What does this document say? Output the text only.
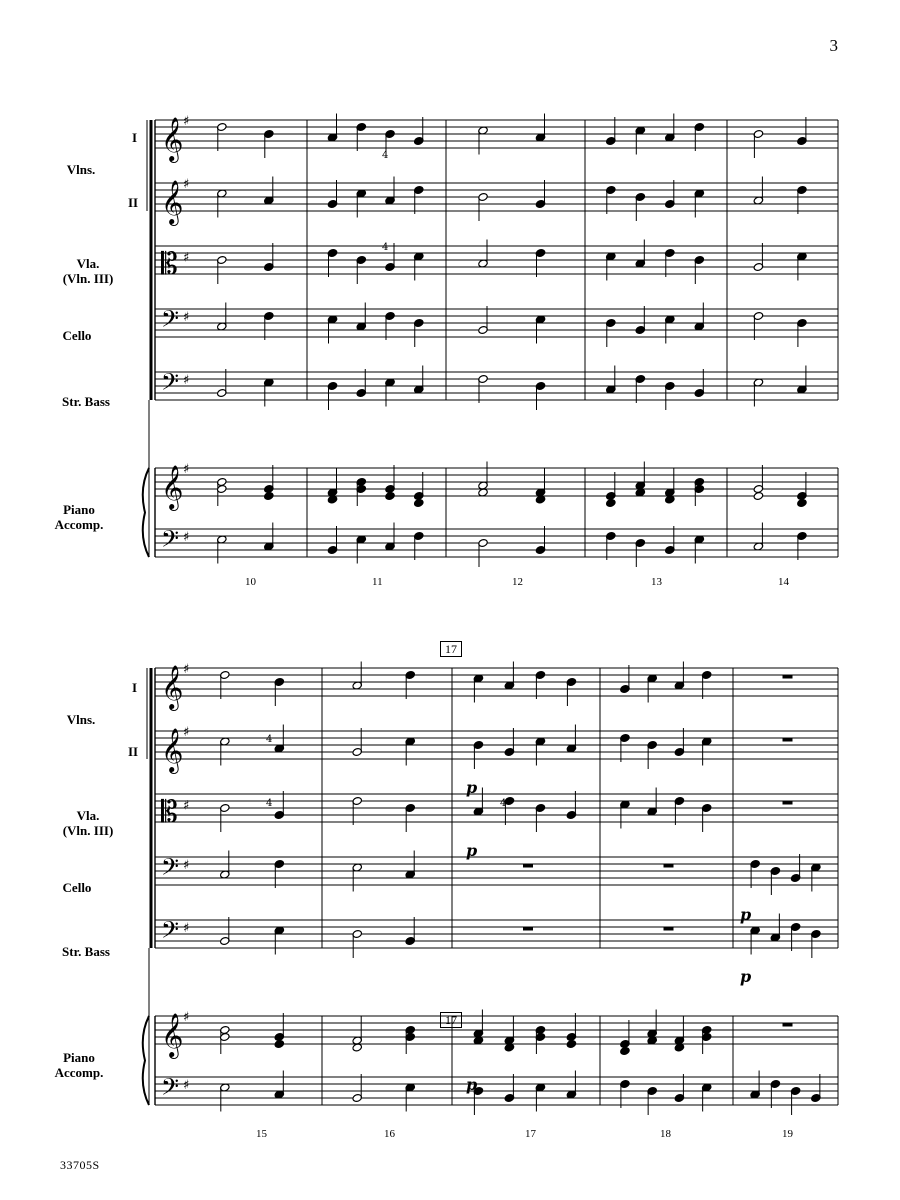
3
I
II
Vlns.
Vla.
(Vln. III)
Cello
Str. Bass
Piano
Accomp.
I
II
Vlns.
Vla.
(Vln. III)
Cello
Str. Bass
Piano
Accomp.
10	11	12	13	14
15	16	17	18	19
17
17
33705S
𝄞 ♯
𝄞 ♯
𝄡 ♯
𝄢 ♯
𝄢 ♯
𝄞 ♯
𝄢 ♯
𝄞 ♯
𝄞 ♯
𝄡 ♯
𝄢 ♯
𝄢 ♯
𝄞 ♯
𝄢 ♯
p
p
p
p
p
4
4
4
4	4
